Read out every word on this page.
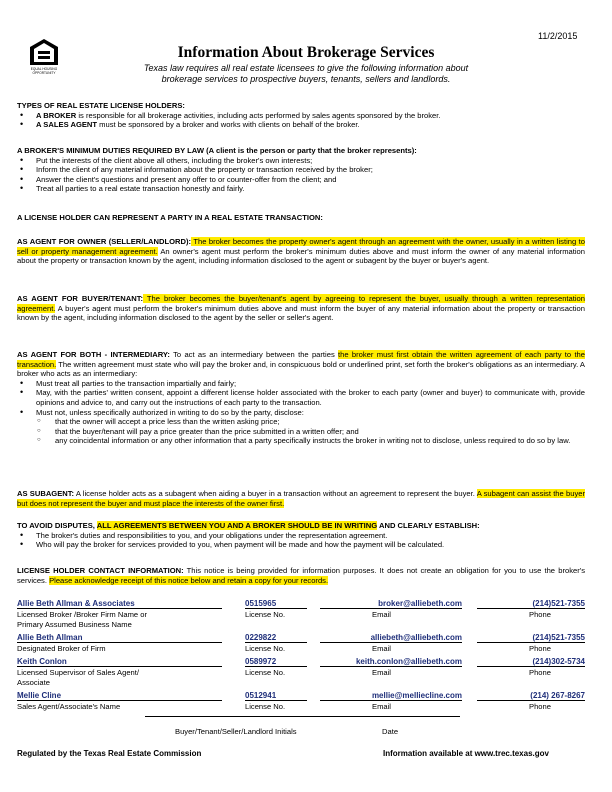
11/2/2015
EQUAL HOUSING OPPORTUNITY
Information About Brokerage Services
Texas law requires all real estate licensees to give the following information about
brokerage services to prospective buyers, tenants, sellers and landlords.
TYPES OF REAL ESTATE LICENSE HOLDERS:
• A BROKER is responsible for all brokerage activities, including acts performed by sales agents sponsored by the broker.
• A SALES AGENT must be sponsored by a broker and works with clients on behalf of the broker.
A BROKER'S MINIMUM DUTIES REQUIRED BY LAW (A client is the person or party that the broker represents):
• Put the interests of the client above all others, including the broker's own interests;
• Inform the client of any material information about the property or transaction received by the broker;
• Answer the client's questions and present any offer to or counter-offer from the client; and
• Treat all parties to a real estate transaction honestly and fairly.
A LICENSE HOLDER CAN REPRESENT A PARTY IN A REAL ESTATE TRANSACTION:
AS AGENT FOR OWNER (SELLER/LANDLORD): The broker becomes the property owner's agent through an agreement with the owner, usually in a written listing to sell or property management agreement. An owner's agent must perform the broker's minimum duties above and must inform the owner of any material information about the property or transaction known by the agent, including information disclosed to the agent or subagent by the buyer or buyer's agent.
AS AGENT FOR BUYER/TENANT: The broker becomes the buyer/tenant's agent by agreeing to represent the buyer, usually through a written representation agreement. A buyer's agent must perform the broker's minimum duties above and must inform the buyer of any material information about the property or transaction known by the agent, including information disclosed to the agent by the seller or seller's agent.
AS AGENT FOR BOTH - INTERMEDIARY: To act as an intermediary between the parties the broker must first obtain the written agreement of each party to the transaction. The written agreement must state who will pay the broker and, in conspicuous bold or underlined print, set forth the broker's obligations as an intermediary. A broker who acts as an intermediary:
• Must treat all parties to the transaction impartially and fairly;
• May, with the parties' written consent, appoint a different license holder associated with the broker to each party (owner and buyer) to communicate with, provide opinions and advice to, and carry out the instructions of each party to the transaction.
• Must not, unless specifically authorized in writing to do so by the party, disclose:
○ that the owner will accept a price less than the written asking price;
○ that the buyer/tenant will pay a price greater than the price submitted in a written offer; and
○ any coincidental information or any other information that a party specifically instructs the broker in writing not to disclose, unless required to do so by law.
AS SUBAGENT: A license holder acts as a subagent when aiding a buyer in a transaction without an agreement to represent the buyer. A subagent can assist the buyer but does not represent the buyer and must place the interests of the owner first.
TO AVOID DISPUTES, ALL AGREEMENTS BETWEEN YOU AND A BROKER SHOULD BE IN WRITING AND CLEARLY ESTABLISH:
• The broker's duties and responsibilities to you, and your obligations under the representation agreement.
• Who will pay the broker for services provided to you, when payment will be made and how the payment will be calculated.
LICENSE HOLDER CONTACT INFORMATION: This notice is being provided for information purposes. It does not create an obligation for you to use the broker's services. Please acknowledge receipt of this notice below and retain a copy for your records.
Allie Beth Allman & Associates	0515965	broker@alliebeth.com	(214)521-7355
Licensed Broker /Broker Firm Name or	License No.	Email	Phone
Primary Assumed Business Name
Allie Beth Allman	0229822	alliebeth@alliebeth.com	(214)521-7355
Designated Broker of Firm	License No.	Email	Phone
Keith Conlon	0589972	keith.conlon@alliebeth.com	(214)302-5734
Licensed Supervisor of Sales Agent/	License No.	Email	Phone
Associate
Mellie Cline	0512941	mellie@melliecline.com	(214) 267-8267
Sales Agent/Associate's Name	License No.	Email	Phone
Buyer/Tenant/Seller/Landlord Initials	Date
Regulated by the Texas Real Estate Commission	Information available at www.trec.texas.gov
